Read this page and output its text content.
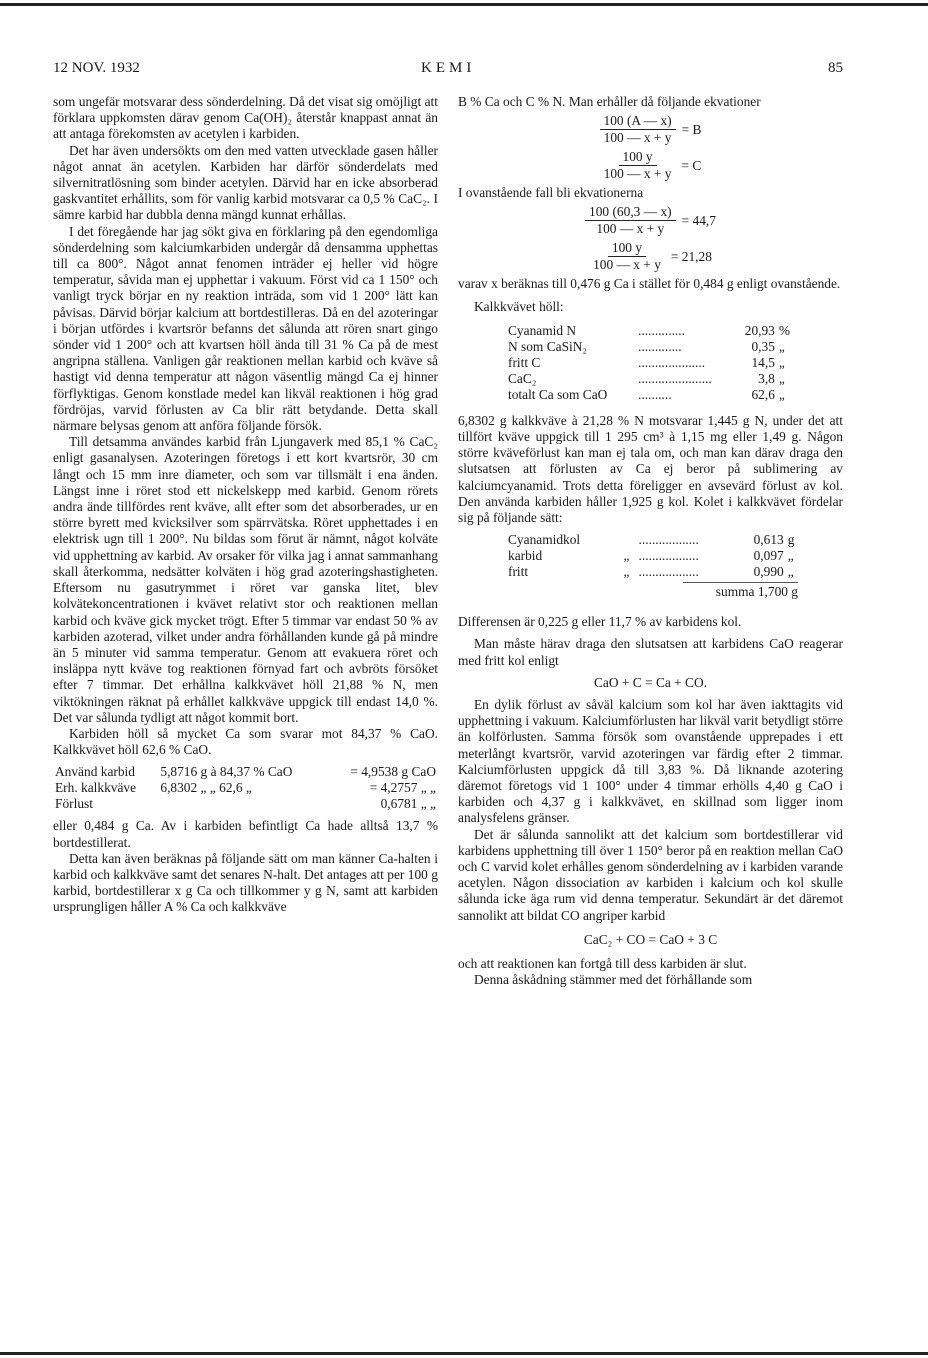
12 NOV. 1932	KEMI	85

som ungefär motsvarar dess sönderdelning. Då det visat sig omöjligt att förklara uppkomsten därav genom Ca(OH)₂ återstår knappast annat än att antaga förekomsten av acetylen i karbiden.

Det har även undersökts om den med vatten utvecklade gasen håller något annat än acetylen. Karbiden har därför sönderdelats med silvernitratlösning som binder acetylen. Därvid har en icke absorberad gaskvantitet erhållits, som för vanlig karbid motsvarar ca 0,5 % CaC₂. I sämre karbid har dubbla denna mängd kunnat erhållas.

I det föregående har jag sökt giva en förklaring på den egendomliga sönderdelning som kalciumkarbiden undergår då densamma upphettas till ca 800°. Något annat fenomen inträder ej heller vid högre temperatur, såvida man ej upphettar i vakuum. Först vid ca 1 150° och vanligt tryck börjar en ny reaktion inträda, som vid 1 200° lätt kan påvisas. Därvid börjar kalcium att bortdestilleras. Då en del azoteringar i början utfördes i kvartsrör befanns det sålunda att rören snart gingo sönder vid 1 200° och att kvartsen höll ända till 31 % Ca på de mest angripna ställena. Vanligen går reaktionen mellan karbid och kväve så hastigt vid denna temperatur att någon väsentlig mängd Ca ej hinner förflyktigas. Genom konstlade medel kan likväl reaktionen i hög grad fördröjas, varvid förlusten av Ca blir rätt betydande. Detta skall närmare belysas genom att anföra följande försök.

Till detsamma användes karbid från Ljungaverk med 85,1 % CaC₂ enligt gasanalysen. Azoteringen företogs i ett kort kvartsrör, 30 cm långt och 15 mm inre diameter, och som var tillsmält i ena änden. Längst inne i röret stod ett nickelskepp med karbid. Genom rörets andra ände tillfördes rent kväve, allt efter som det absorberades, ur en större byrett med kvicksilver som spärrvätska. Röret upphettades i en elektrisk ugn till 1 200°. Nu bildas som förut är nämnt, något kolväte vid upphettning av karbid. Av orsaker för vilka jag i annat sammanhang skall återkomma, nedsätter kolväten i hög grad azoteringshastigheten. Eftersom nu gasutrymmet i röret var ganska litet, blev kolvätekoncentrationen i kvävet relativt stor och reaktionen mellan karbid och kväve gick mycket trögt. Efter 5 timmar var endast 50 % av karbiden azoterad, vilket under andra förhållanden kunde gå på mindre än 5 minuter vid samma temperatur. Genom att evakuera röret och insläppa nytt kväve tog reaktionen förnyad fart och avbröts försöket efter 7 timmar. Det erhållna kalkkvävet höll 21,88 % N, men viktökningen räknat på erhållet kalkkväve uppgick till endast 14,0 %. Det var sålunda tydligt att något kommit bort.

Karbiden höll så mycket Ca som svarar mot 84,37 % CaO. Kalkkvävet höll 62,6 % CaO.

Använd karbid	5,8716 g à 84,37 % CaO	= 4,9538 g CaO
Erh. kalkkväve	6,8302 „ „ 62,6 „	= 4,2757 „ „
Förlust		0,6781 „ „

eller 0,484 g Ca. Av i karbiden befintligt Ca hade alltså 13,7 % bortdestillerat.

Detta kan även beräknas på följande sätt om man känner Ca-halten i karbid och kalkkväve samt det senares N-halt. Det antages att per 100 g karbid, bortdestillerar x g Ca och tillkommer y g N, samt att karbiden ursprungligen håller A % Ca och kalkkväve

B % Ca och C % N. Man erhåller då följande ekvationer

$\frac{100 (A — x)}{100 — x + y} = B$
$\frac{100 y}{100 — x + y} = C$

I ovanstående fall bli ekvationerna

$\frac{100 (60,3 — x)}{100 — x + y} = 44,7$
$\frac{100 y}{100 — x + y} = 21,28$

varav x beräknas till 0,476 g Ca i stället för 0,484 g enligt ovanstående.

Kalkkvävet höll:

Cyanamid N	..............	20,93	%
N som CaSiN₂	.............	0,35	„
fritt C	....................	14,5	„
CaC₂	......................	3,8	„
totalt Ca som CaO	..........	62,6	„

6,8302 g kalkkväve à 21,28 % N motsvarar 1,445 g N, under det att tillfört kväve uppgick till 1 295 cm³ à 1,15 mg eller 1,49 g. Någon större kväveförlust kan man ej tala om, och man kan därav draga den slutsatsen att förlusten av Ca ej beror på sublimering av kalciumcyanamid. Trots detta föreligger en avsevärd förlust av kol. Den använda karbiden håller 1,925 g kol. Kolet i kalkkvävet fördelar sig på följande sätt:

Cyanamidkol		..................	0,613	g
karbid	„	..................	0,097	„
fritt	„	..................	0,990	„
summa 1,700 g

Differensen är 0,225 g eller 11,7 % av karbidens kol.

Man måste härav draga den slutsatsen att karbidens CaO reagerar med fritt kol enligt

CaO + C = Ca + CO.

En dylik förlust av såväl kalcium som kol har även iakttagits vid upphettning i vakuum. Kalciumförlusten har likväl varit betydligt större än kolförlusten. Samma försök som ovanstående upprepades i ett meterlångt kvartsrör, varvid azoteringen var färdig efter 2 timmar. Kalciumförlusten uppgick då till 3,83 %. Då liknande azotering däremot företogs vid 1 100° under 4 timmar erhölls 4,40 g CaO i karbiden och 4,37 g i kalkkvävet, en skillnad som ligger inom analysfelens gränser.

Det är sålunda sannolikt att det kalcium som bortdestillerar vid karbidens upphettning till över 1 150° beror på en reaktion mellan CaO och C varvid kolet erhålles genom sönderdelning av i karbiden varande acetylen. Någon dissociation av karbiden i kalcium och kol skulle sålunda icke äga rum vid denna temperatur. Sekundärt är det däremot sannolikt att bildat CO angriper karbid

CaC₂ + CO = CaO + 3 C

och att reaktionen kan fortgå till dess karbiden är slut.

Denna åskådning stämmer med det förhållande som
